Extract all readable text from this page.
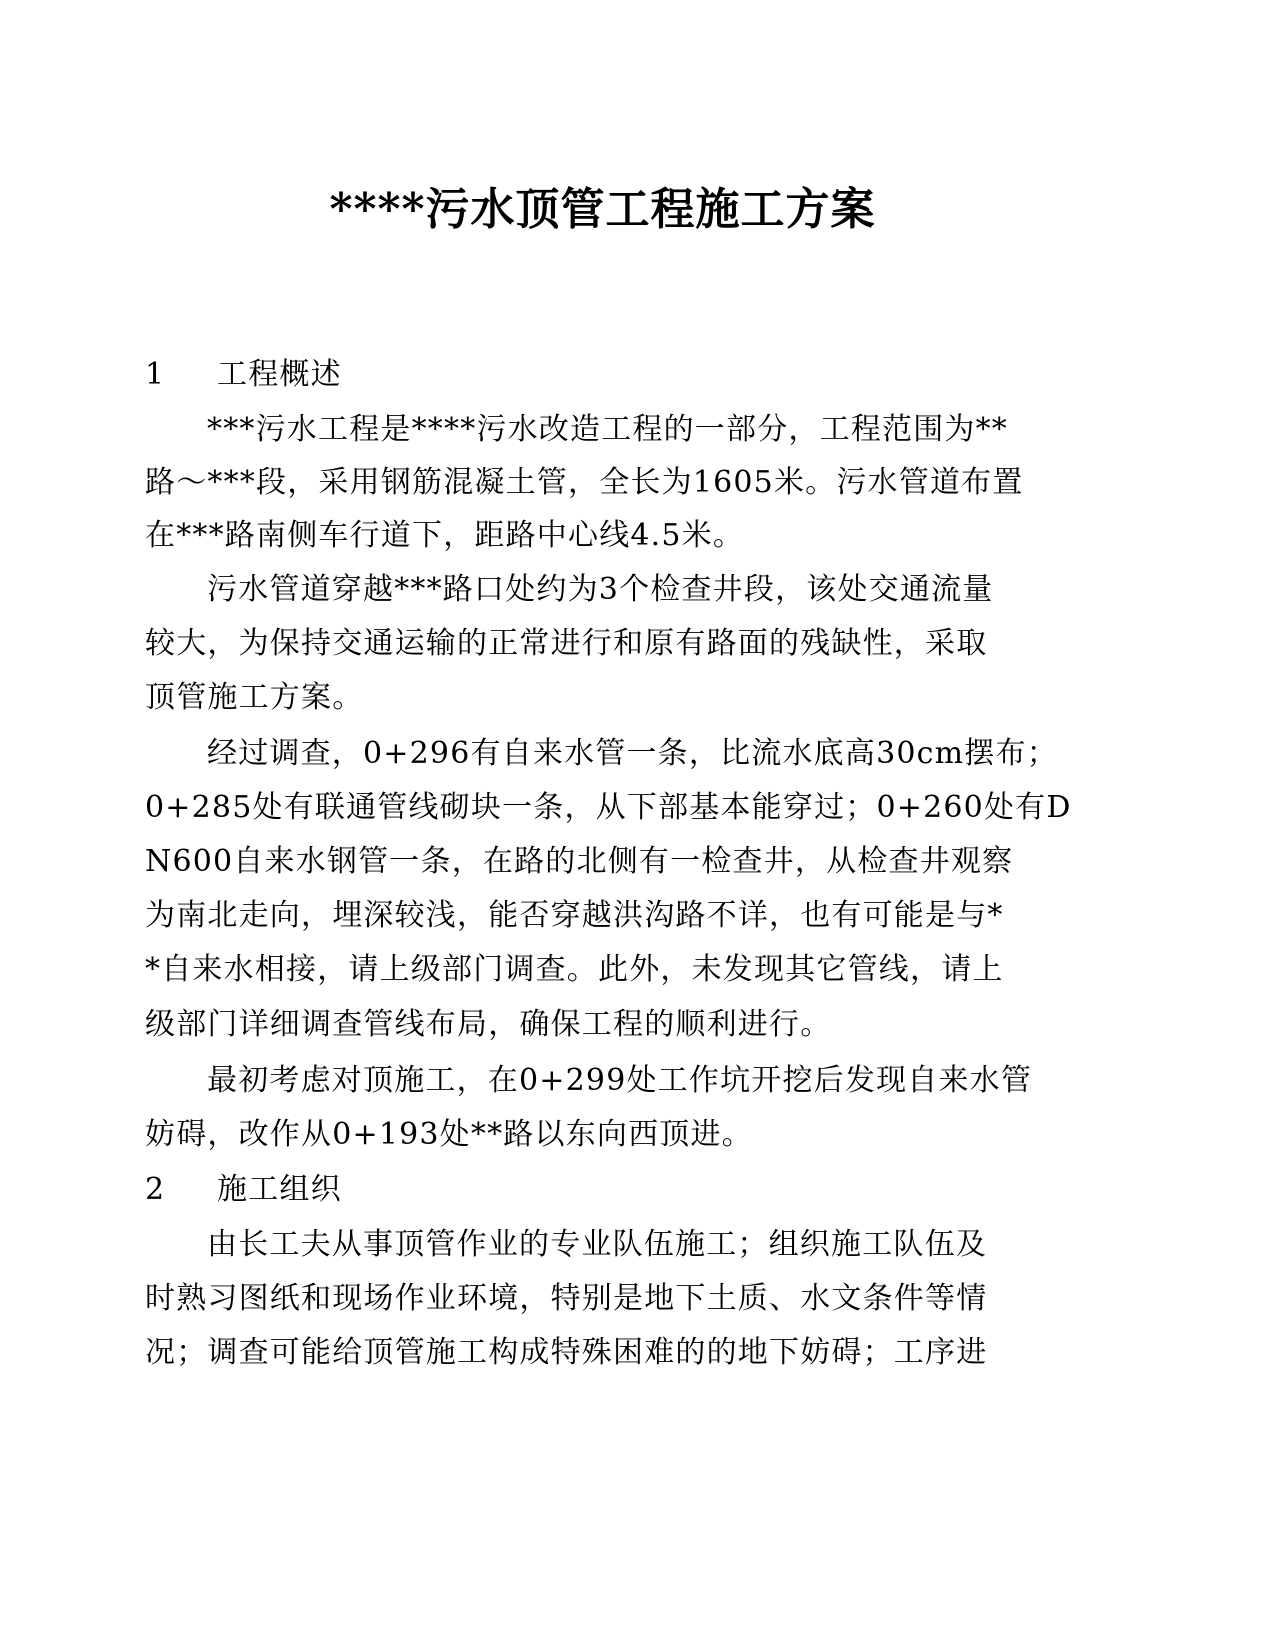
****污水顶管工程施工方案
1 工程概述
***污水工程是****污水改造工程的一部分，工程范围为**
路～***段，采用钢筋混凝土管，全长为1605米。污水管道布置
在***路南侧车行道下，距路中心线4.5米。
污水管道穿越***路口处约为3个检查井段，该处交通流量
较大，为保持交通运输的正常进行和原有路面的残缺性，采取
顶管施工方案。
经过调查，0+296有自来水管一条，比流水底高30cm摆布；
0+285处有联通管线砌块一条，从下部基本能穿过；0+260处有D
N600自来水钢管一条，在路的北侧有一检查井，从检查井观察
为南北走向，埋深较浅，能否穿越洪沟路不详，也有可能是与*
*自来水相接，请上级部门调查。此外，未发现其它管线，请上
级部门详细调查管线布局，确保工程的顺利进行。
最初考虑对顶施工，在0+299处工作坑开挖后发现自来水管
妨碍，改作从0+193处**路以东向西顶进。
2 施工组织
由长工夫从事顶管作业的专业队伍施工；组织施工队伍及
时熟习图纸和现场作业环境，特别是地下土质、水文条件等情
况；调查可能给顶管施工构成特殊困难的的地下妨碍；工序进
